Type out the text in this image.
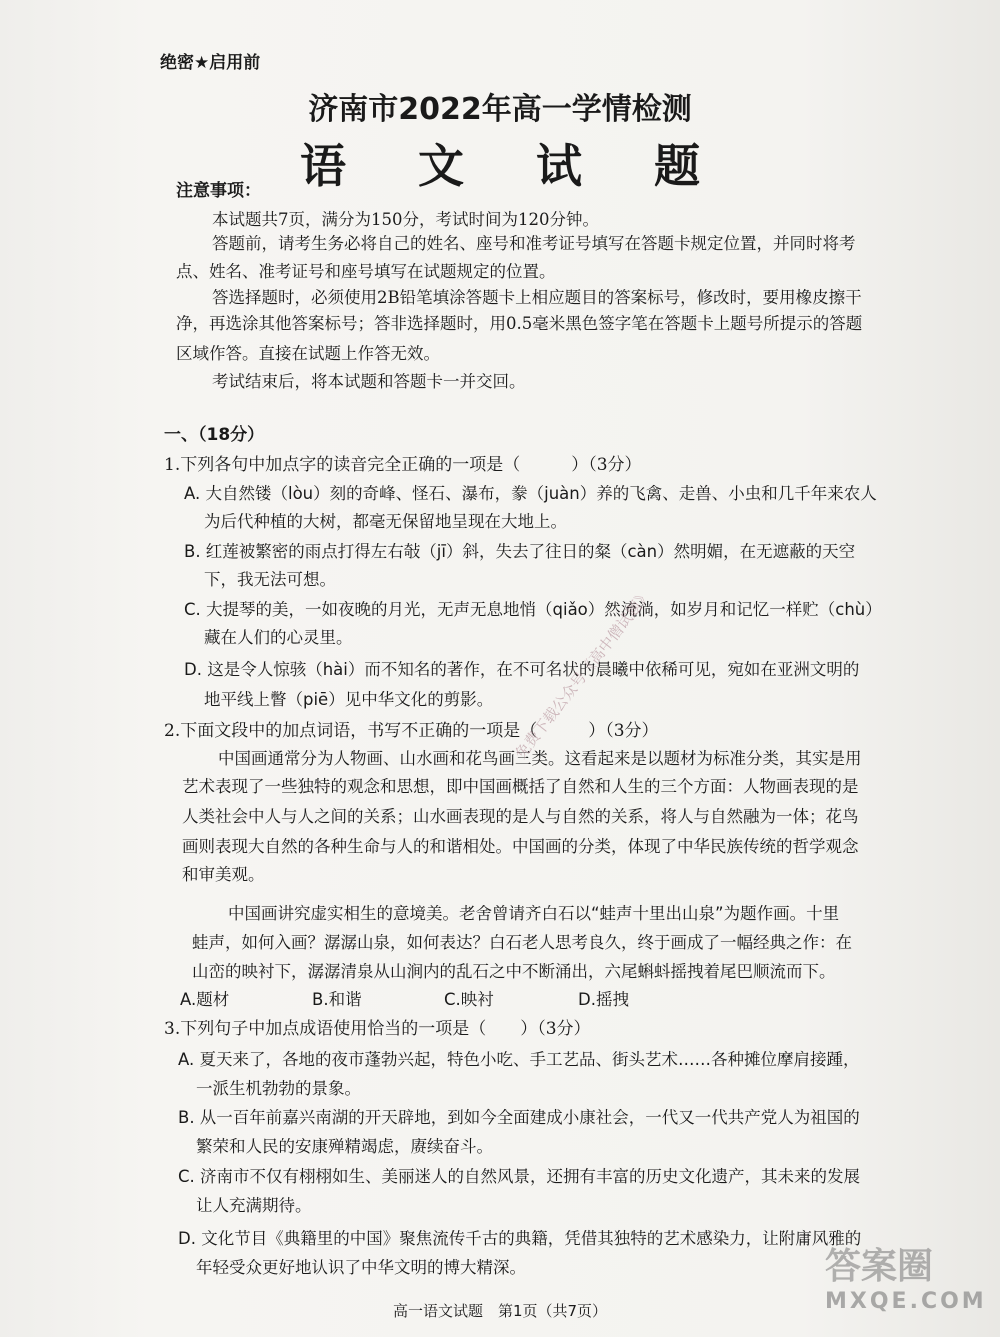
绝密★启用前
济南市2022年高一学情检测
语 文 试 题
注意事项：
本试题共7页，满分为150分，考试时间为120分钟。
答题前，请考生务必将自己的姓名、座号和准考证号填写在答题卡规定位置，并同时将考
点、姓名、准考证号和座号填写在试题规定的位置。
答选择题时，必须使用2B铅笔填涂答题卡上相应题目的答案标号，修改时，要用橡皮擦干
净，再选涂其他答案标号；答非选择题时，用0.5毫米黑色签字笔在答题卡上题号所提示的答题
区域作答。直接在试题上作答无效。
考试结束后，将本试题和答题卡一并交回。
一、（18分）
1.下列各句中加点字的读音完全正确的一项是（　　　）（3分）
A. 大自然镂（lòu）刻的奇峰、怪石、瀑布，豢（juàn）养的飞禽、走兽、小虫和几千年来农人
为后代种植的大树，都毫无保留地呈现在大地上。
B. 红莲被繁密的雨点打得左右敧（jī）斜，失去了往日的粲（càn）然明媚，在无遮蔽的天空
下，我无法可想。
C. 大提琴的美，一如夜晚的月光，无声无息地悄（qiǎo）然流淌，如岁月和记忆一样贮（chù）
藏在人们的心灵里。
D. 这是令人惊骇（hài）而不知名的著作，在不可名状的晨曦中依稀可见，宛如在亚洲文明的
地平线上瞥（piē）见中华文化的剪影。
2.下面文段中的加点词语，书写不正确的一项是（　　　）（3分）
中国画通常分为人物画、山水画和花鸟画三类。这看起来是以题材为标准分类，其实是用
艺术表现了一些独特的观念和思想，即中国画概括了自然和人生的三个方面：人物画表现的是
人类社会中人与人之间的关系；山水画表现的是人与自然的关系，将人与自然融为一体；花鸟
画则表现大自然的各种生命与人的和谐相处。中国画的分类，体现了中华民族传统的哲学观念
和审美观。
中国画讲究虚实相生的意境美。老舍曾请齐白石以“蛙声十里出山泉”为题作画。十里
蛙声，如何入画？潺潺山泉，如何表达？白石老人思考良久，终于画成了一幅经典之作：在
山峦的映衬下，潺潺清泉从山涧内的乱石之中不断涌出，六尾蝌蚪摇拽着尾巴顺流而下。
A.题材	B.和谐	C.映衬	D.摇拽
3.下列句子中加点成语使用恰当的一项是（　　）（3分）
A. 夏天来了，各地的夜市蓬勃兴起，特色小吃、手工艺品、街头艺术……各种摊位摩肩接踵，
一派生机勃勃的景象。
B. 从一百年前嘉兴南湖的开天辟地，到如今全面建成小康社会，一代又一代共产党人为祖国的
繁荣和人民的安康殚精竭虑，赓续奋斗。
C. 济南市不仅有栩栩如生、美丽迷人的自然风景，还拥有丰富的历史文化遗产，其未来的发展
让人充满期待。
D. 文化节目《典籍里的中国》聚焦流传千古的典籍，凭借其独特的艺术感染力，让附庸风雅的
年轻受众更好地认识了中华文明的博大精深。
高一语文试题　第1页（共7页）
免费下载公众号《高中僧试题》
答案圈
MXQE.COM
